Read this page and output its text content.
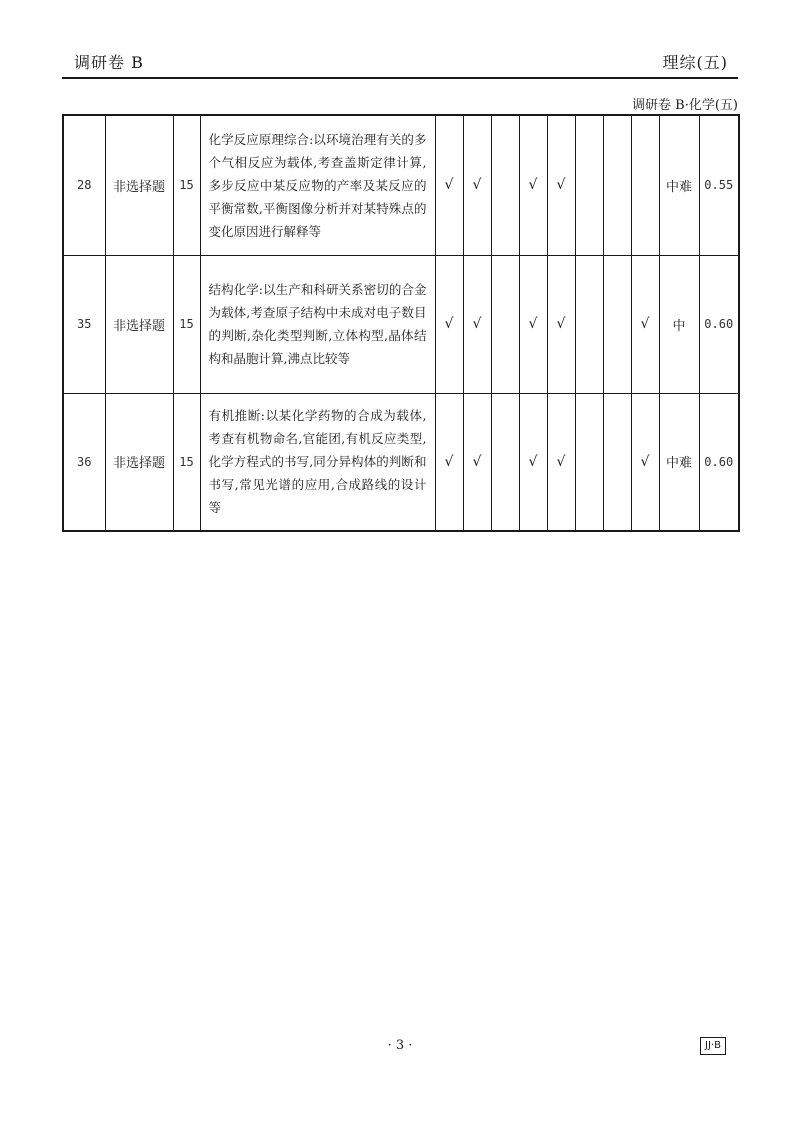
调研卷 B	理综(五)
调研卷 B·化学(五)
28	非选择题	15	化学反应原理综合:以环境治理有关的多个气相反应为载体,考查盖斯定律计算,多步反应中某反应物的产率及某反应的平衡常数,平衡图像分析并对某特殊点的变化原因进行解释等	√	√		√	√				中难	0.55
35	非选择题	15	结构化学:以生产和科研关系密切的合金为载体,考查原子结构中未成对电子数目的判断,杂化类型判断,立体构型,晶体结构和晶胞计算,沸点比较等	√	√		√	√			√	中	0.60
36	非选择题	15	有机推断:以某化学药物的合成为载体,考查有机物命名,官能团,有机反应类型,化学方程式的书写,同分异构体的判断和书写,常见光谱的应用,合成路线的设计等	√	√		√	√			√	中难	0.60
· 3 ·	JJ·B
